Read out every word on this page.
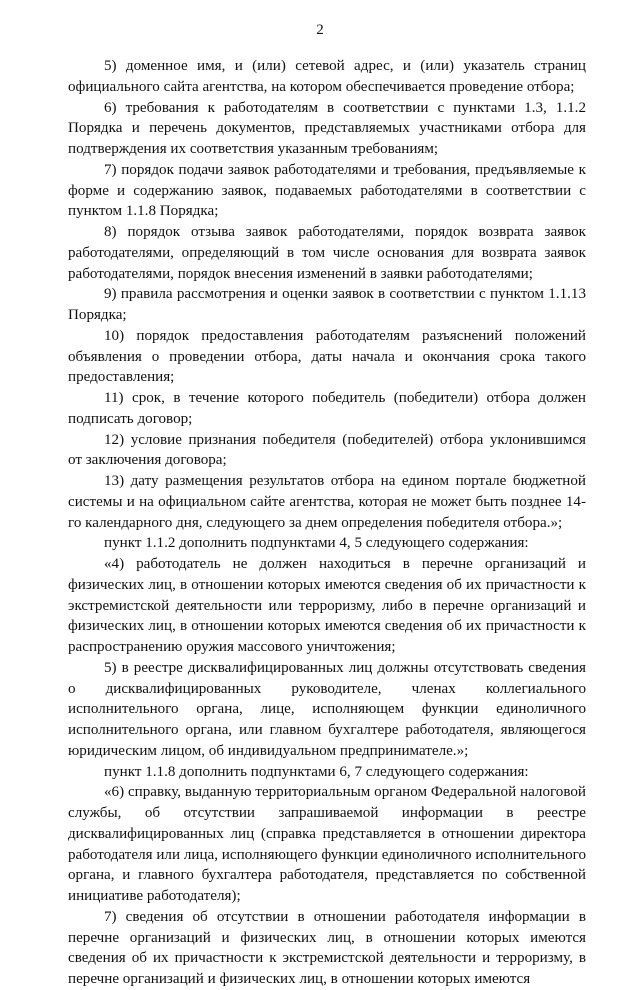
2

5) доменное имя, и (или) сетевой адрес, и (или) указатель страниц официального сайта агентства, на котором обеспечивается проведение отбора;

6) требования к работодателям в соответствии с пунктами 1.3, 1.1.2 Порядка и перечень документов, представляемых участниками отбора для подтверждения их соответствия указанным требованиям;

7) порядок подачи заявок работодателями и требования, предъявляемые к форме и содержанию заявок, подаваемых работодателями в соответствии с пунктом 1.1.8 Порядка;

8) порядок отзыва заявок работодателями, порядок возврата заявок работодателями, определяющий в том числе основания для возврата заявок работодателями, порядок внесения изменений в заявки работодателями;

9) правила рассмотрения и оценки заявок в соответствии с пунктом 1.1.13 Порядка;

10) порядок предоставления работодателям разъяснений положений объявления о проведении отбора, даты начала и окончания срока такого предоставления;

11) срок, в течение которого победитель (победители) отбора должен подписать договор;

12) условие признания победителя (победителей) отбора уклонившимся от заключения договора;

13) дату размещения результатов отбора на едином портале бюджетной системы и на официальном сайте агентства, которая не может быть позднее 14-го календарного дня, следующего за днем определения победителя отбора.»;

пункт 1.1.2 дополнить подпунктами 4, 5 следующего содержания:

«4) работодатель не должен находиться в перечне организаций и физических лиц, в отношении которых имеются сведения об их причастности к экстремистской деятельности или терроризму, либо в перечне организаций и физических лиц, в отношении которых имеются сведения об их причастности к распространению оружия массового уничтожения;

5) в реестре дисквалифицированных лиц должны отсутствовать сведения о дисквалифицированных руководителе, членах коллегиального исполнительного органа, лице, исполняющем функции единоличного исполнительного органа, или главном бухгалтере работодателя, являющегося юридическим лицом, об индивидуальном предпринимателе.»;

пункт 1.1.8 дополнить подпунктами 6, 7 следующего содержания:

«6) справку, выданную территориальным органом Федеральной налоговой службы, об отсутствии запрашиваемой информации в реестре дисквалифицированных лиц (справка представляется в отношении директора работодателя или лица, исполняющего функции единоличного исполнительного органа, и главного бухгалтера работодателя, представляется по собственной инициативе работодателя);

7) сведения об отсутствии в отношении работодателя информации в перечне организаций и физических лиц, в отношении которых имеются сведения об их причастности к экстремистской деятельности и терроризму, в перечне организаций и физических лиц, в отношении которых имеются
